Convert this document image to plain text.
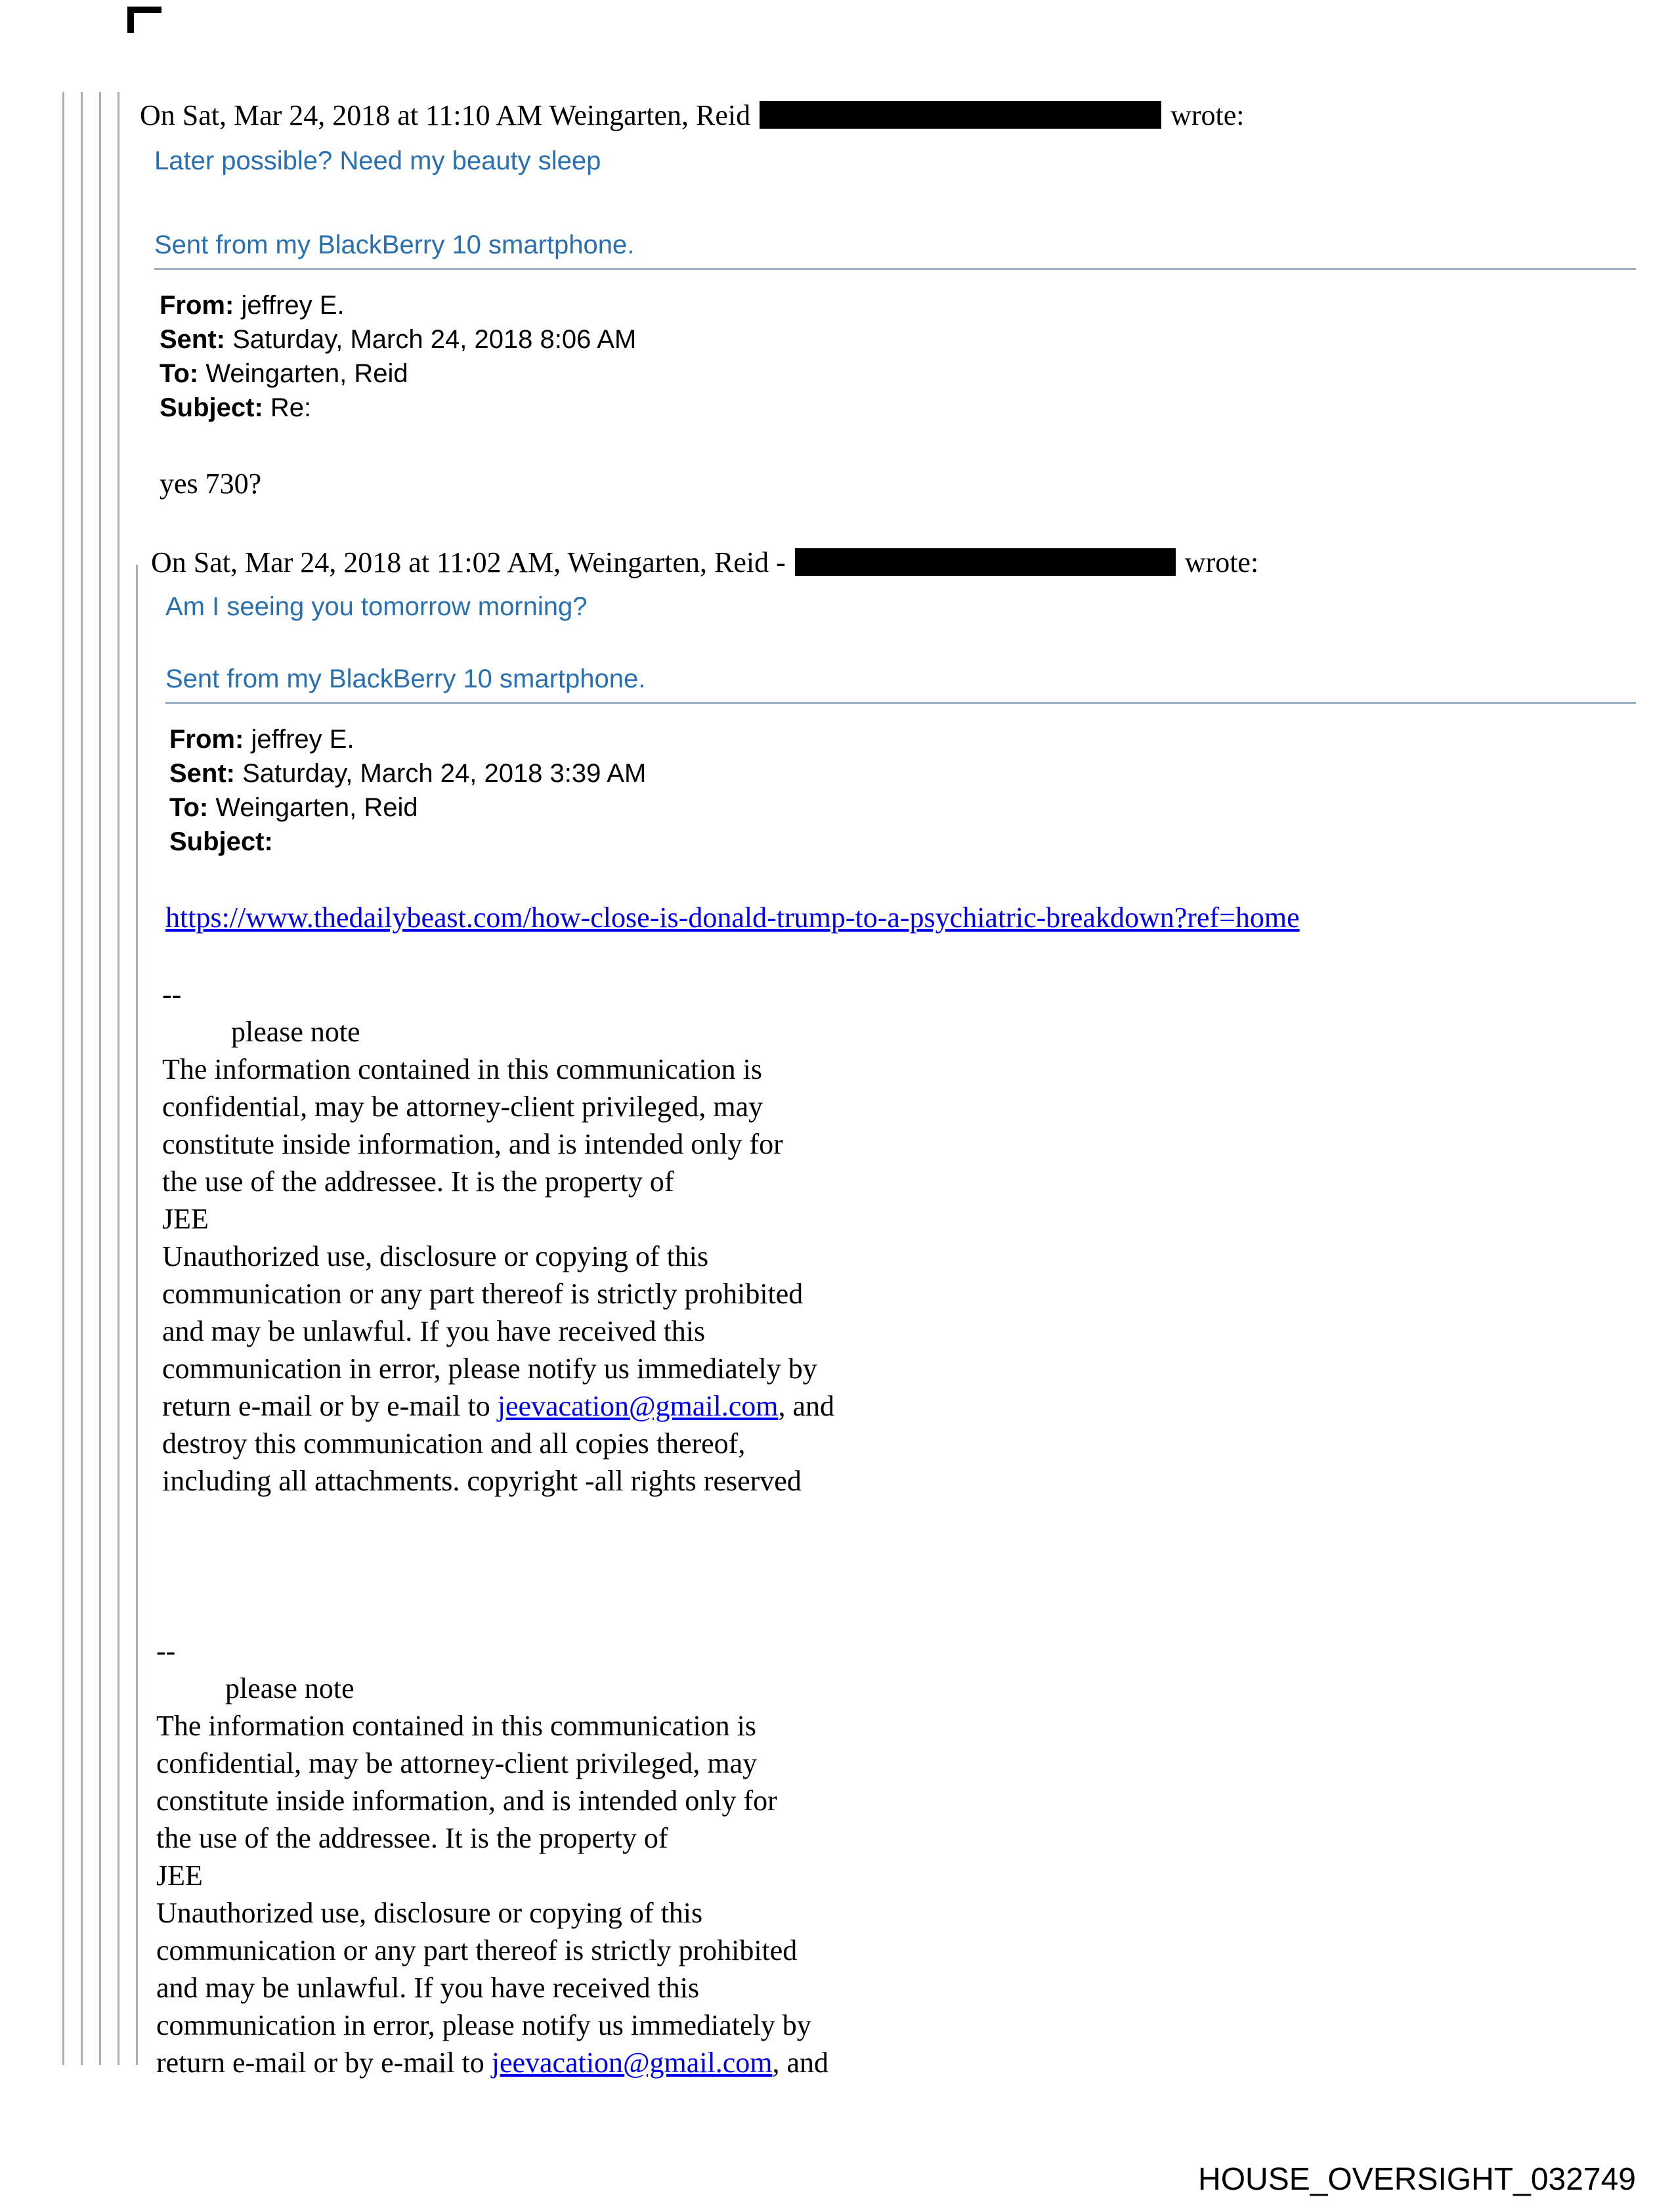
On Sat, Mar 24, 2018 at 11:10 AM Weingarten, Reid	wrote:
Later possible? Need my beauty sleep
Sent from my BlackBerry 10 smartphone.
From: jeffrey E.
Sent: Saturday, March 24, 2018 8:06 AM
To: Weingarten, Reid
Subject: Re:
yes 730?
On Sat, Mar 24, 2018 at 11:02 AM, Weingarten, Reid -	wrote:
Am I seeing you tomorrow morning?
Sent from my BlackBerry 10 smartphone.
From: jeffrey E.
Sent: Saturday, March 24, 2018 3:39 AM
To: Weingarten, Reid
Subject:
https://www.thedailybeast.com/how-close-is-donald-trump-to-a-psychiatric-breakdown?ref=home
--
please note
The information contained in this communication is
confidential, may be attorney-client privileged, may
constitute inside information, and is intended only for
the use of the addressee. It is the property of
JEE
Unauthorized use, disclosure or copying of this
communication or any part thereof is strictly prohibited
and may be unlawful. If you have received this
communication in error, please notify us immediately by
return e-mail or by e-mail to jeevacation@gmail.com, and
destroy this communication and all copies thereof,
including all attachments. copyright -all rights reserved
--
please note
The information contained in this communication is
confidential, may be attorney-client privileged, may
constitute inside information, and is intended only for
the use of the addressee. It is the property of
JEE
Unauthorized use, disclosure or copying of this
communication or any part thereof is strictly prohibited
and may be unlawful. If you have received this
communication in error, please notify us immediately by
return e-mail or by e-mail to jeevacation@gmail.com, and
HOUSE_OVERSIGHT_032749
